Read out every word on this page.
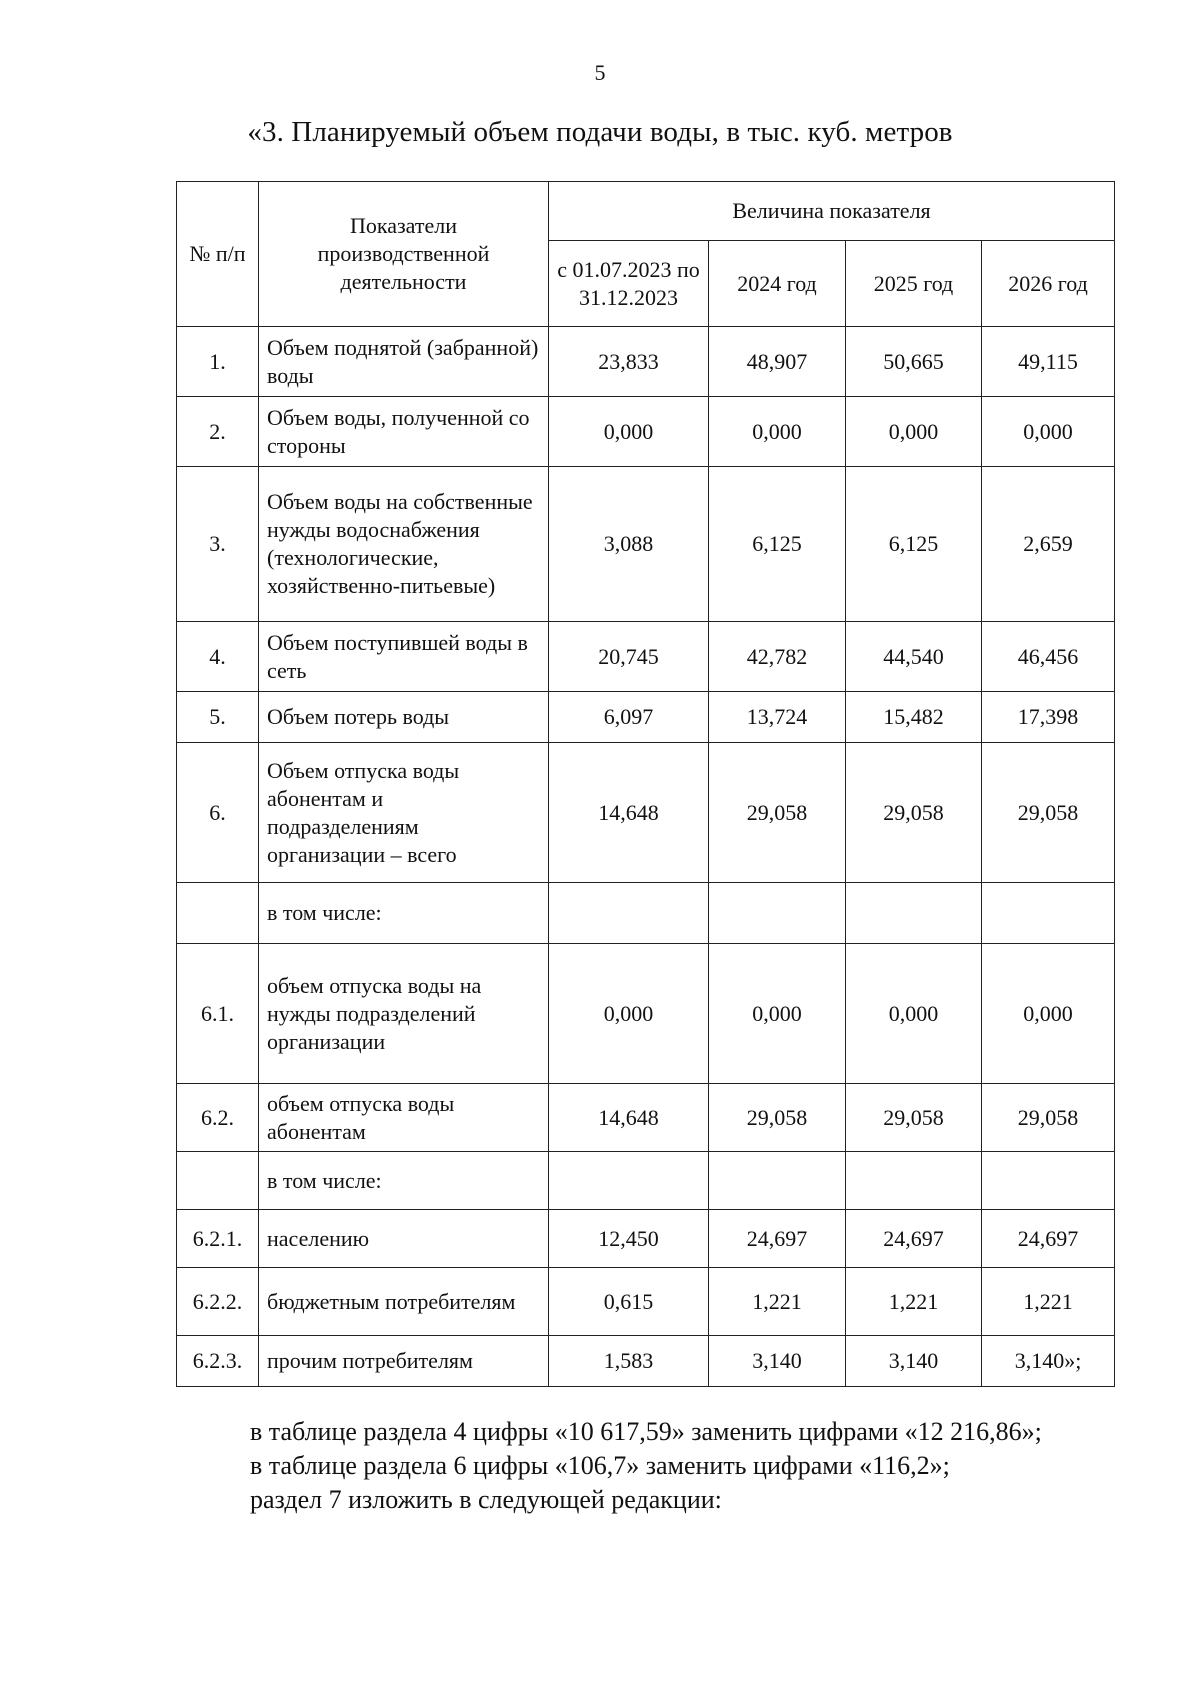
5
«3. Планируемый объем подачи воды, в тыс. куб. метров
№ п/п	Показатели производственной деятельности	Величина показателя			
		с 01.07.2023 по 31.12.2023	2024 год	2025 год	2026 год
1.	Объем поднятой (забранной) воды	23,833	48,907	50,665	49,115
2.	Объем воды, полученной со стороны	0,000	0,000	0,000	0,000
3.	Объем воды на собственные нужды водоснабжения (технологические, хозяйственно-питьевые)	3,088	6,125	6,125	2,659
4.	Объем поступившей воды в сеть	20,745	42,782	44,540	46,456
5.	Объем потерь воды	6,097	13,724	15,482	17,398
6.	Объем отпуска воды абонентам и подразделениям организации – всего	14,648	29,058	29,058	29,058
	в том числе:				
6.1.	объем отпуска воды на нужды подразделений организации	0,000	0,000	0,000	0,000
6.2.	объем отпуска воды абонентам	14,648	29,058	29,058	29,058
	в том числе:				
6.2.1.	населению	12,450	24,697	24,697	24,697
6.2.2.	бюджетным потребителям	0,615	1,221	1,221	1,221
6.2.3.	прочим потребителям	1,583	3,140	3,140	3,140»;
в таблице раздела 4 цифры «10 617,59» заменить цифрами «12 216,86»;
в таблице раздела 6 цифры «106,7» заменить цифрами «116,2»;
раздел 7 изложить в следующей редакции:
